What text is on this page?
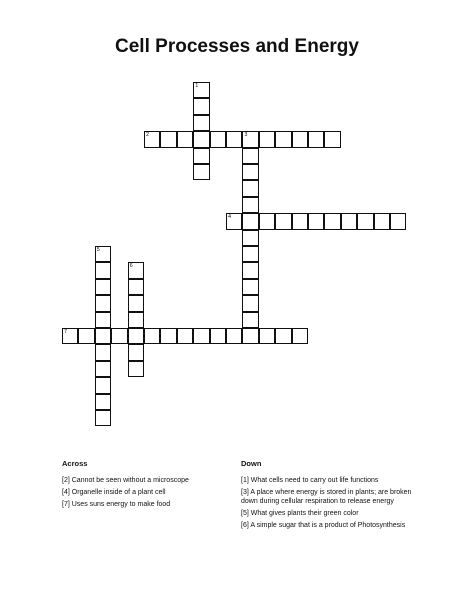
Cell Processes and Energy
1
2	3
4
5
6
7
Across	Down
[2] Cannot be seen without a microscope
[4] Organelle inside of a plant cell
[7] Uses suns energy to make food
[1] What cells need to carry out life functions
[3] A place where energy is stored in plants; are broken down during cellular respiration to release energy
[5] What gives plants their green color
[6] A simple sugar that is a product of Photosynthesis
